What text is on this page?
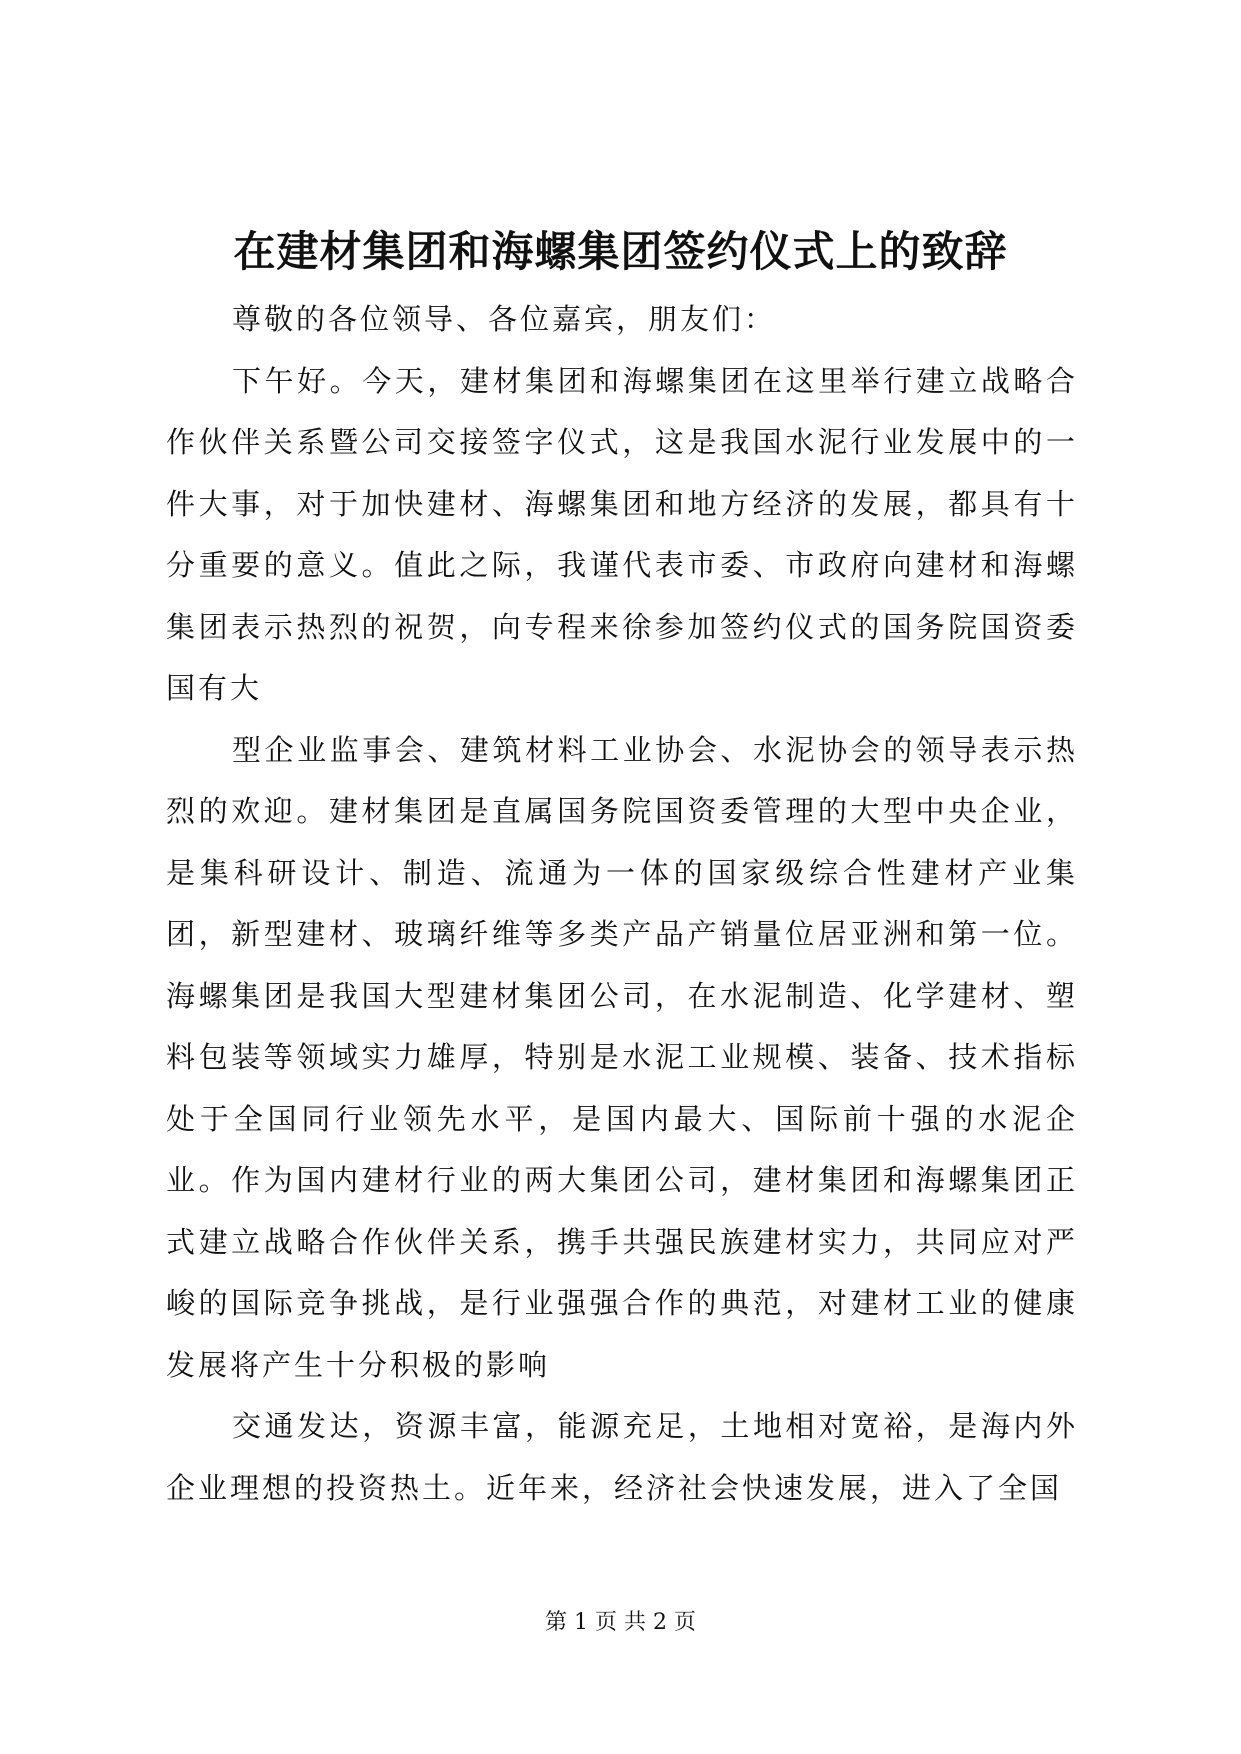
在建材集团和海螺集团签约仪式上的致辞

尊敬的各位领导、各位嘉宾，朋友们：

下午好。今天，建材集团和海螺集团在这里举行建立战略合作伙伴关系暨公司交接签字仪式，这是我国水泥行业发展中的一件大事，对于加快建材、海螺集团和地方经济的发展，都具有十分重要的意义。值此之际，我谨代表市委、市政府向建材和海螺集团表示热烈的祝贺，向专程来徐参加签约仪式的国务院国资委国有大

型企业监事会、建筑材料工业协会、水泥协会的领导表示热烈的欢迎。建材集团是直属国务院国资委管理的大型中央企业，是集科研设计、制造、流通为一体的国家级综合性建材产业集团，新型建材、玻璃纤维等多类产品产销量位居亚洲和第一位。海螺集团是我国大型建材集团公司，在水泥制造、化学建材、塑料包装等领域实力雄厚，特别是水泥工业规模、装备、技术指标处于全国同行业领先水平，是国内最大、国际前十强的水泥企业。作为国内建材行业的两大集团公司，建材集团和海螺集团正式建立战略合作伙伴关系，携手共强民族建材实力，共同应对严峻的国际竞争挑战，是行业强强合作的典范，对建材工业的健康发展将产生十分积极的影响

交通发达，资源丰富，能源充足，土地相对宽裕，是海内外企业理想的投资热土。近年来，经济社会快速发展，进入了全国

第 1 页 共 2 页
